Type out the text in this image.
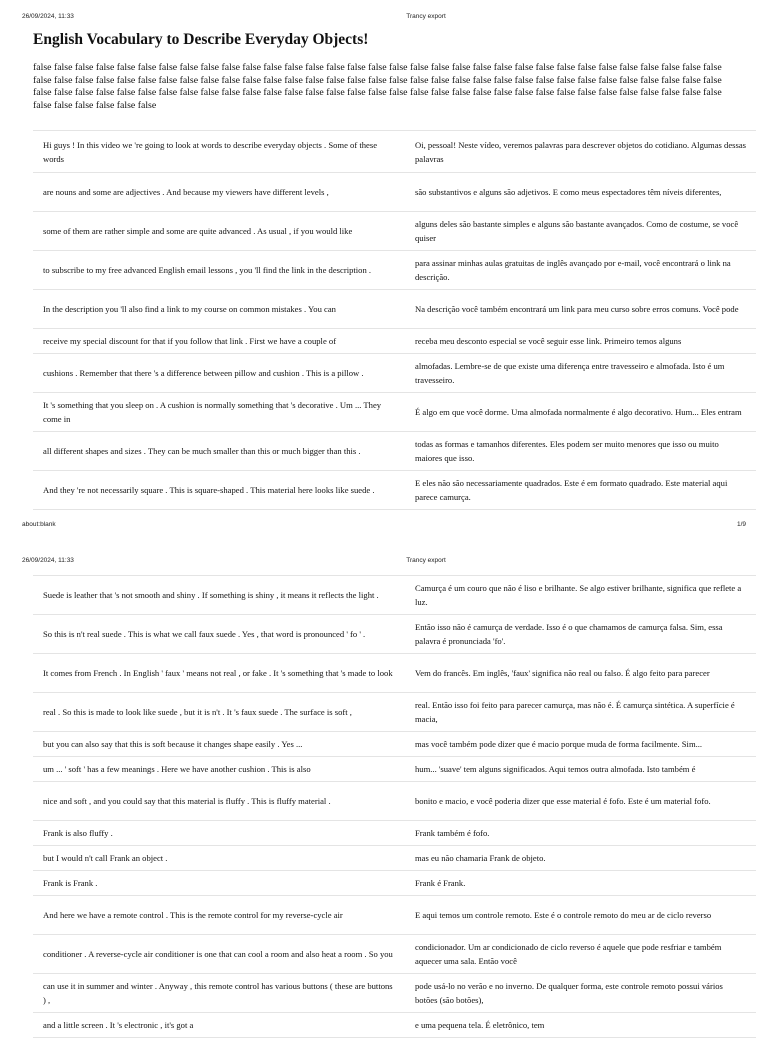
26/09/2024, 11:33	Trancy export
English Vocabulary to Describe Everyday Objects!
false false false false false false false false false false false false false false false false false false false false false false false false false false false false false false false false false false false false false false false false false false false false false false false false false false false false false false false false false false false false false false false false false false false false false false false false false false false false false false false false false false false false false false false false false false false false false false false false false false false false false false false false false
Hi guys ! In this video we 're going to look at words to describe everyday objects . Some of these words	Oi, pessoal! Neste vídeo, veremos palavras para descrever objetos do cotidiano. Algumas dessas palavras
are nouns and some are adjectives . And because my viewers have different levels ,	são substantivos e alguns são adjetivos. E como meus espectadores têm níveis diferentes,
some of them are rather simple and some are quite advanced . As usual , if you would like	alguns deles são bastante simples e alguns são bastante avançados. Como de costume, se você quiser
to subscribe to my free advanced English email lessons , you 'll find the link in the description .	para assinar minhas aulas gratuitas de inglês avançado por e-mail, você encontrará o link na descrição.
In the description you 'll also find a link to my course on common mistakes . You can	Na descrição você também encontrará um link para meu curso sobre erros comuns. Você pode
receive my special discount for that if you follow that link . First we have a couple of	receba meu desconto especial se você seguir esse link. Primeiro temos alguns
cushions . Remember that there 's a difference between pillow and cushion . This is a pillow .	almofadas. Lembre-se de que existe uma diferença entre travesseiro e almofada. Isto é um travesseiro.
It 's something that you sleep on . A cushion is normally something that 's decorative . Um ... They come in	É algo em que você dorme. Uma almofada normalmente é algo decorativo. Hum... Eles entram
all different shapes and sizes . They can be much smaller than this or much bigger than this .	todas as formas e tamanhos diferentes. Eles podem ser muito menores que isso ou muito maiores que isso.
And they 're not necessarily square . This is square-shaped . This material here looks like suede .	E eles não são necessariamente quadrados. Este é em formato quadrado. Este material aqui parece camurça.
about:blank	1/9
26/09/2024, 11:33	Trancy export
Suede is leather that 's not smooth and shiny . If something is shiny , it means it reflects the light .	Camurça é um couro que não é liso e brilhante. Se algo estiver brilhante, significa que reflete a luz.
So this is n't real suede . This is what we call faux suede . Yes , that word is pronounced ' fo ' .	Então isso não é camurça de verdade. Isso é o que chamamos de camurça falsa. Sim, essa palavra é pronunciada 'fo'.
It comes from French . In English ' faux ' means not real , or fake . It 's something that 's made to look	Vem do francês. Em inglês, 'faux' significa não real ou falso. É algo feito para parecer
real . So this is made to look like suede , but it is n't . It 's faux suede . The surface is soft ,	real. Então isso foi feito para parecer camurça, mas não é. É camurça sintética. A superfície é macia,
but you can also say that this is soft because it changes shape easily . Yes ...	mas você também pode dizer que é macio porque muda de forma facilmente. Sim...
um ... ' soft ' has a few meanings . Here we have another cushion . This is also	hum... 'suave' tem alguns significados. Aqui temos outra almofada. Isto também é
nice and soft , and you could say that this material is fluffy . This is fluffy material .	bonito e macio, e você poderia dizer que esse material é fofo. Este é um material fofo.
Frank is also fluffy .	Frank também é fofo.
but I would n't call Frank an object .	mas eu não chamaria Frank de objeto.
Frank is Frank .	Frank é Frank.
And here we have a remote control . This is the remote control for my reverse-cycle air	E aqui temos um controle remoto. Este é o controle remoto do meu ar de ciclo reverso
conditioner . A reverse-cycle air conditioner is one that can cool a room and also heat a room . So you	condicionador. Um ar condicionado de ciclo reverso é aquele que pode resfriar e também aquecer uma sala. Então você
can use it in summer and winter . Anyway , this remote control has various buttons ( these are buttons ) ,	pode usá-lo no verão e no inverno. De qualquer forma, este controle remoto possui vários botões (são botões),
and a little screen . It 's electronic , it's got a	e uma pequena tela. É eletrônico, tem
